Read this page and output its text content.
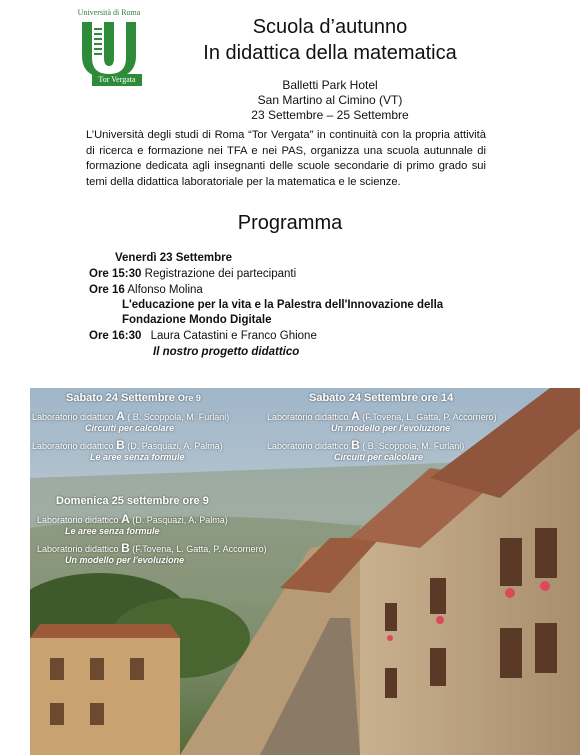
Università di Roma
Tor Vergata
Scuola d’autunno
In didattica della matematica
Balletti Park Hotel
San Martino al Cimino (VT)
23 Settembre – 25 Settembre
L’Università degli studi di Roma “Tor Vergata” in continuità con la propria attività di ricerca e formazione nei TFA e nei PAS, organizza una scuola autunnale di formazione dedicata agli insegnanti delle scuole secondarie di primo grado sui temi della didattica laboratoriale per la matematica e le scienze.
Programma
Venerdì 23 Settembre
Ore 15:30 Registrazione dei partecipanti
Ore 16 Alfonso Molina
L'educazione per la vita e la Palestra dell'Innovazione della
Fondazione Mondo Digitale
Ore 16:30 Laura Catastini e Franco Ghione
Il nostro progetto didattico
Sabato 24 Settembre Ore 9
Laboratorio didattico A ( B. Scoppola, M. Furlani)
Circuiti per calcolare
Laboratorio didattico B (D. Pasquazi, A. Palma)
Le aree senza formule
Sabato 24 Settembre ore 14
Laboratorio didattico A (F.Tovena, L. Gatta, P. Accornero)
Un modello per l'evoluzione
Laboratorio didattico B ( B. Scoppola, M. Furlani)
Circuiti per calcolare
Domenica 25 settembre ore 9
Laboratorio didattico A (D. Pasquazi, A. Palma)
Le aree senza formule
Laboratorio didattico B (F.Tovena, L. Gatta, P. Accornero)
Un modello per l'evoluzione
